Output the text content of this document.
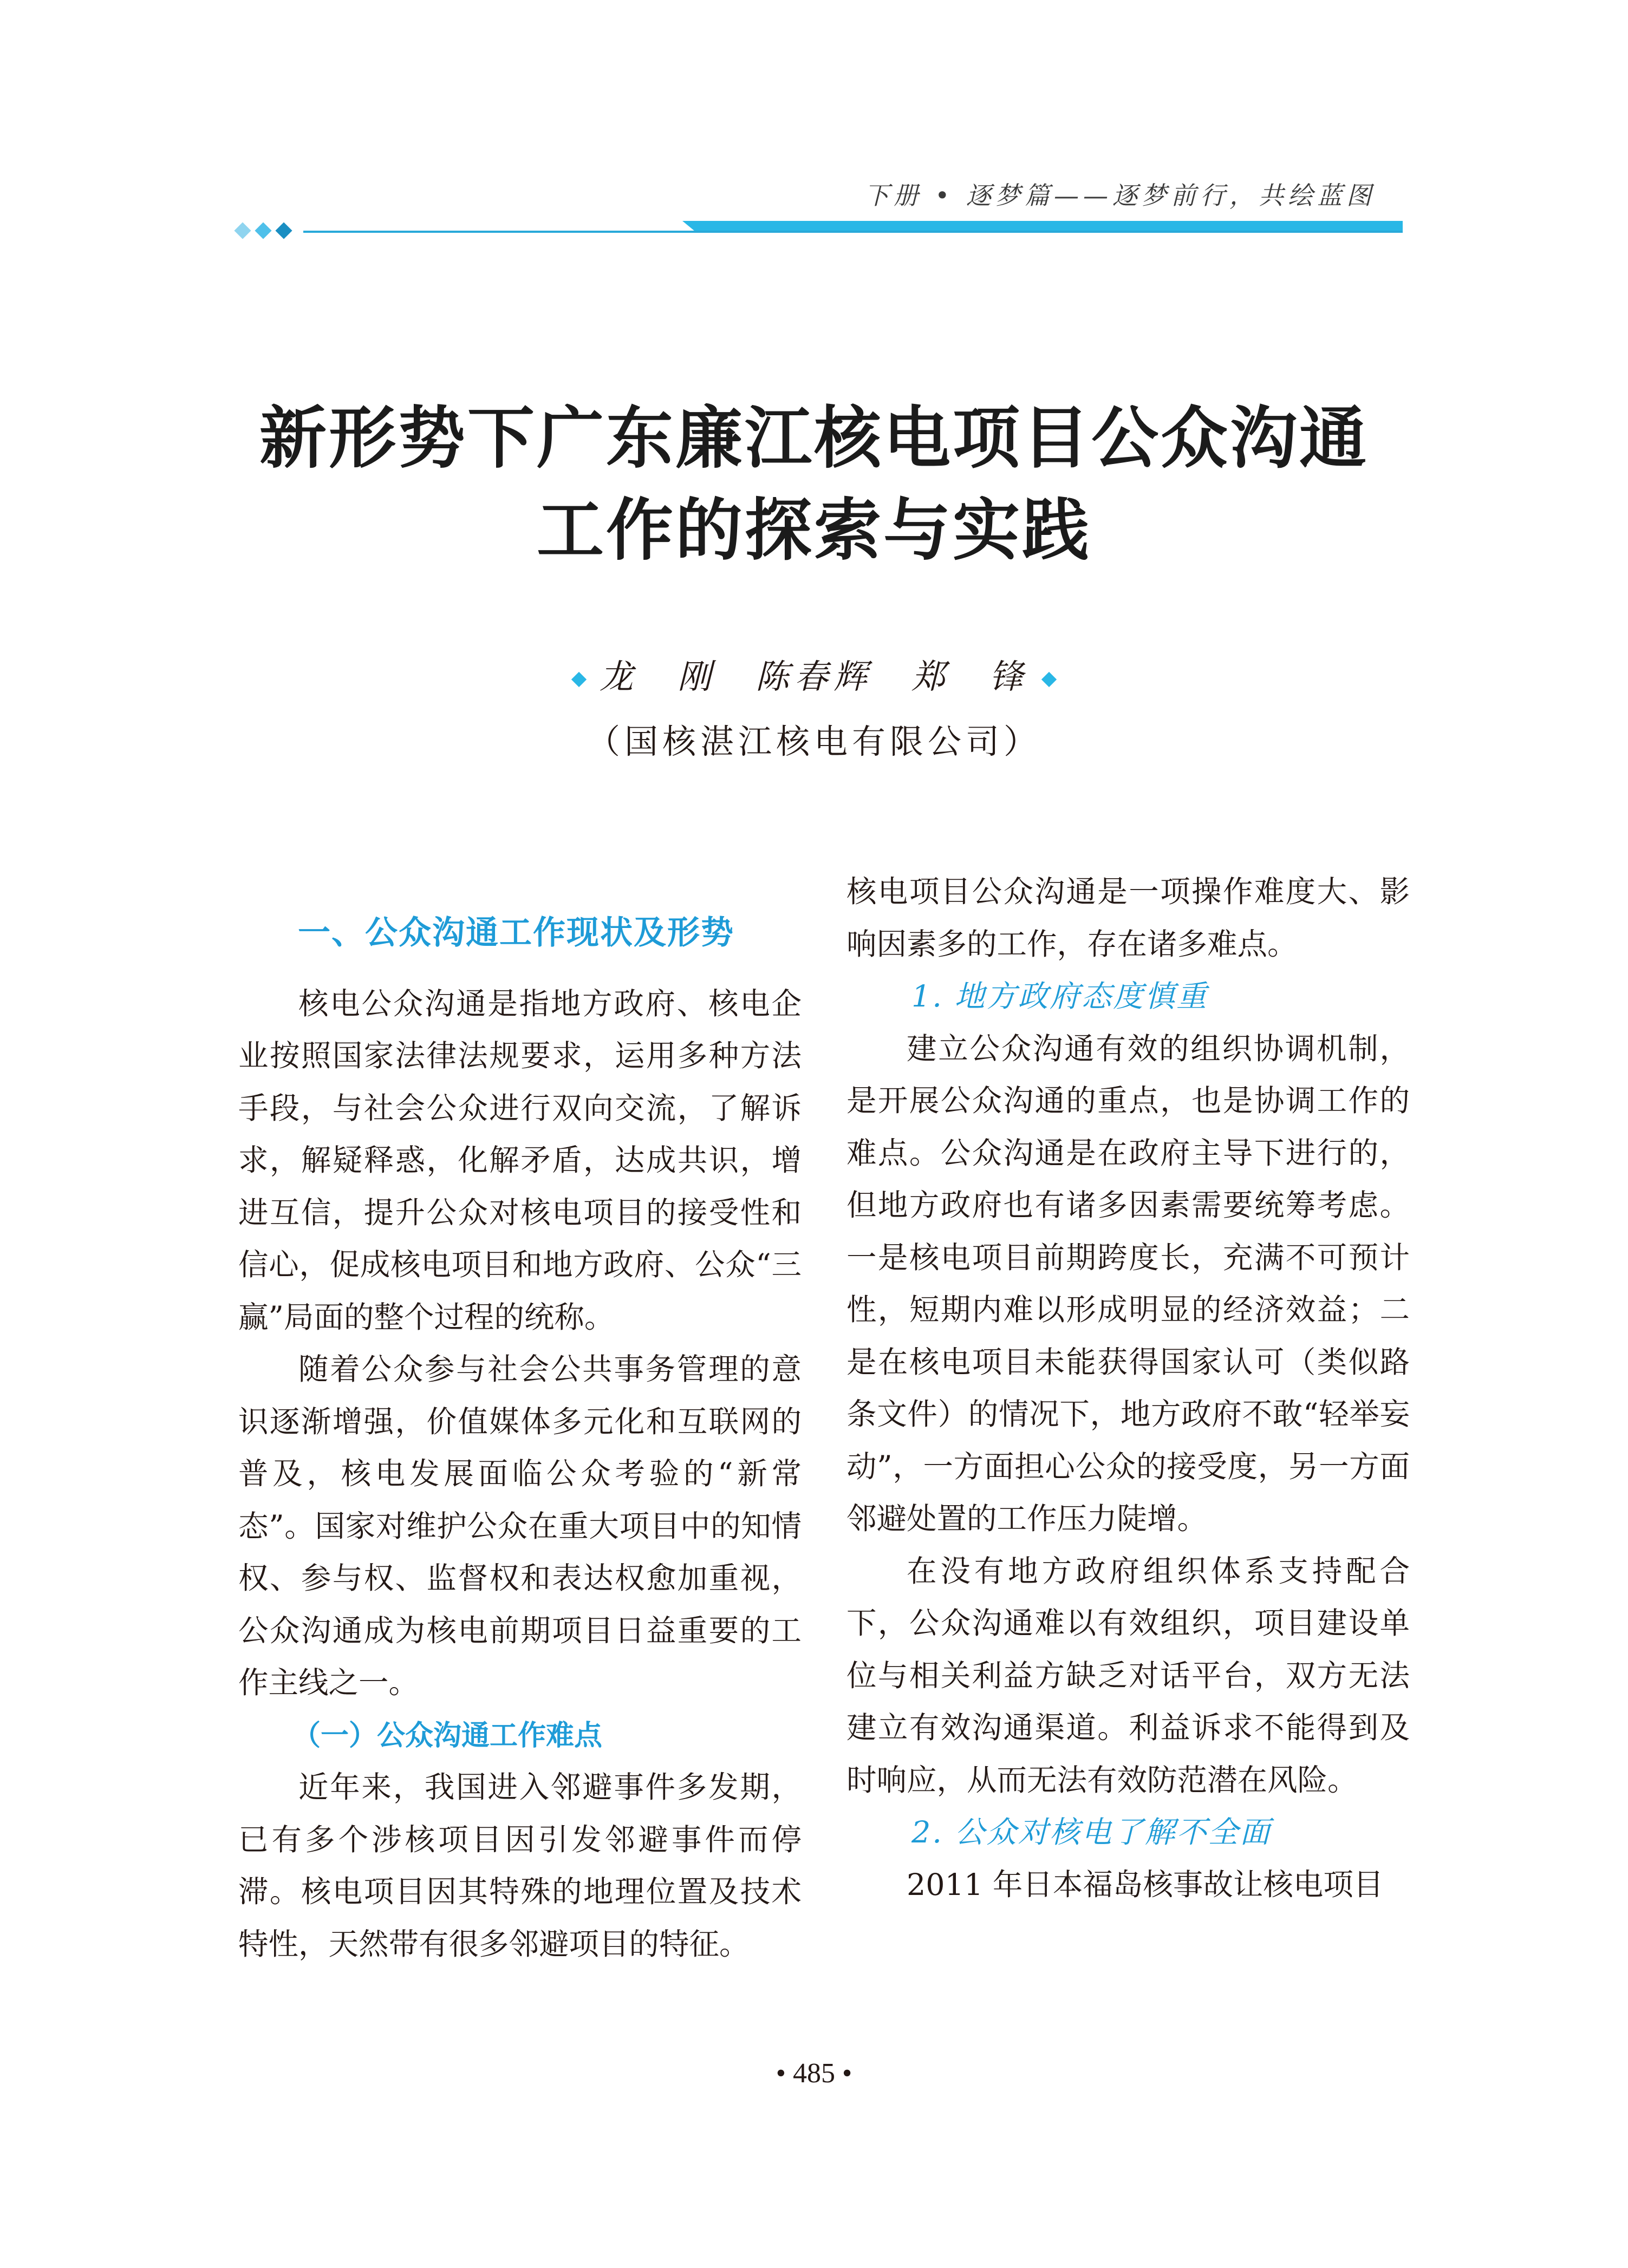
下册 • 逐梦篇——逐梦前行，共绘蓝图
新形势下广东廉江核电项目公众沟通
工作的探索与实践
龙　刚　陈春辉　郑　锋
（国核湛江核电有限公司）

一、公众沟通工作现状及形势

核电公众沟通是指地方政府、核电企业按照国家法律法规要求，运用多种方法手段，与社会公众进行双向交流，了解诉求，解疑释惑，化解矛盾，达成共识，增进互信，提升公众对核电项目的接受性和信心，促成核电项目和地方政府、公众“三赢”局面的整个过程的统称。

随着公众参与社会公共事务管理的意识逐渐增强，价值媒体多元化和互联网的普及，核电发展面临公众考验的“新常态”。国家对维护公众在重大项目中的知情权、参与权、监督权和表达权愈加重视，公众沟通成为核电前期项目日益重要的工作主线之一。

（一）公众沟通工作难点

近年来，我国进入邻避事件多发期，已有多个涉核项目因引发邻避事件而停滞。核电项目因其特殊的地理位置及技术特性，天然带有很多邻避项目的特征。

核电项目公众沟通是一项操作难度大、影响因素多的工作，存在诸多难点。

1. 地方政府态度慎重

建立公众沟通有效的组织协调机制，是开展公众沟通的重点，也是协调工作的难点。公众沟通是在政府主导下进行的，但地方政府也有诸多因素需要统筹考虑。一是核电项目前期跨度长，充满不可预计性，短期内难以形成明显的经济效益；二是在核电项目未能获得国家认可（类似路条文件）的情况下，地方政府不敢“轻举妄动”，一方面担心公众的接受度，另一方面邻避处置的工作压力陡增。

在没有地方政府组织体系支持配合下，公众沟通难以有效组织，项目建设单位与相关利益方缺乏对话平台，双方无法建立有效沟通渠道。利益诉求不能得到及时响应，从而无法有效防范潜在风险。

2. 公众对核电了解不全面

2011 年日本福岛核事故让核电项目

• 485 •
